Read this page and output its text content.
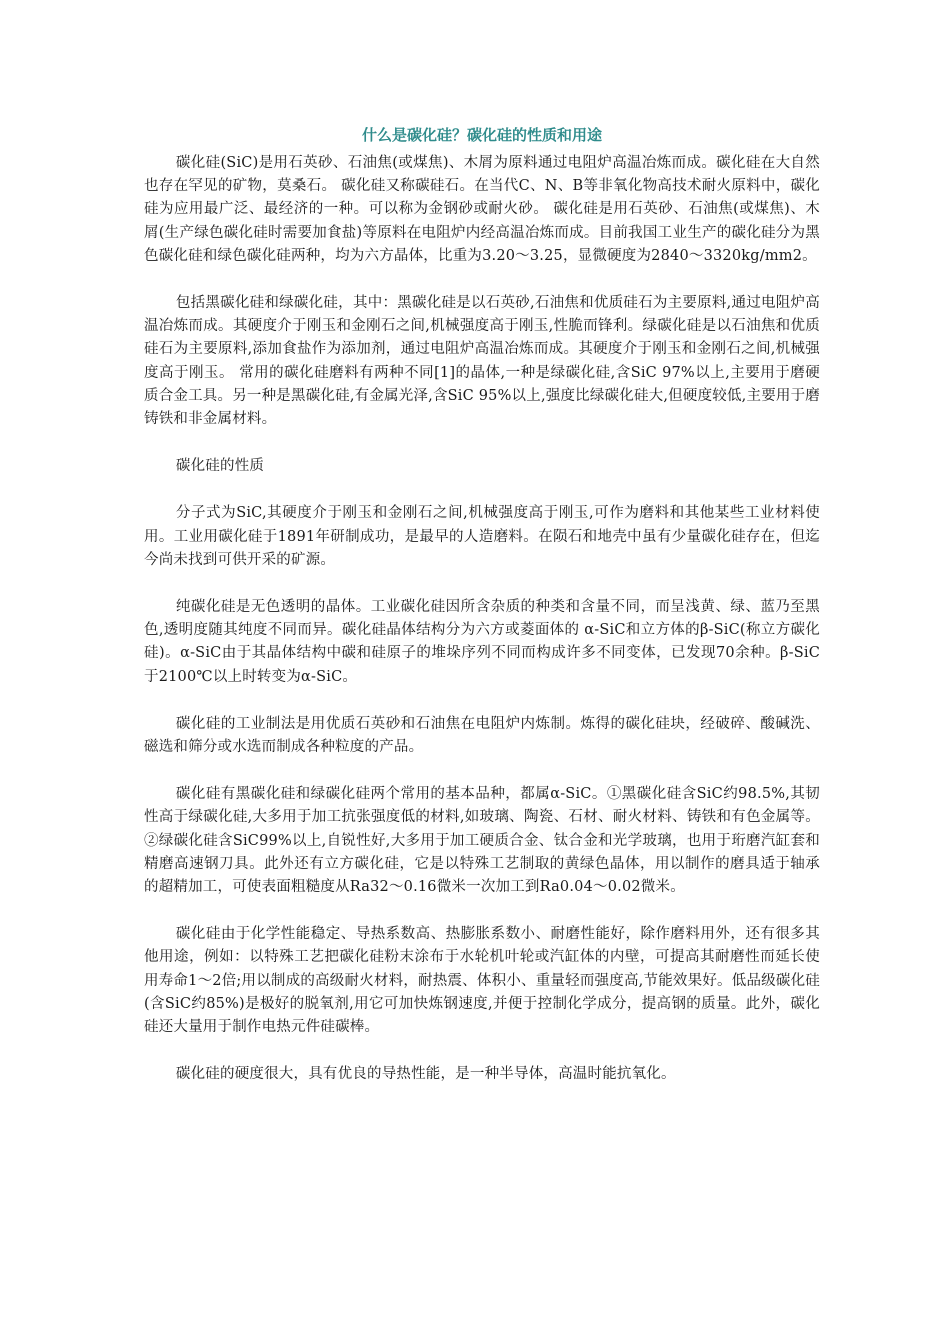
什么是碳化硅？碳化硅的性质和用途

碳化硅(SiC)是用石英砂、石油焦(或煤焦)、木屑为原料通过电阻炉高温冶炼而成。碳化硅在大自然也存在罕见的矿物，莫桑石。 碳化硅又称碳硅石。在当代C、N、B等非氧化物高技术耐火原料中，碳化硅为应用最广泛、最经济的一种。可以称为金钢砂或耐火砂。 碳化硅是用石英砂、石油焦(或煤焦)、木屑(生产绿色碳化硅时需要加食盐)等原料在电阻炉内经高温冶炼而成。目前我国工业生产的碳化硅分为黑色碳化硅和绿色碳化硅两种，均为六方晶体，比重为3.20～3.25，显微硬度为2840～3320kg/mm2。

包括黑碳化硅和绿碳化硅，其中：黑碳化硅是以石英砂,石油焦和优质硅石为主要原料,通过电阻炉高温冶炼而成。其硬度介于刚玉和金刚石之间,机械强度高于刚玉,性脆而锋利。绿碳化硅是以石油焦和优质硅石为主要原料,添加食盐作为添加剂，通过电阻炉高温冶炼而成。其硬度介于刚玉和金刚石之间,机械强度高于刚玉。 常用的碳化硅磨料有两种不同[1]的晶体,一种是绿碳化硅,含SiC 97%以上,主要用于磨硬质合金工具。另一种是黑碳化硅,有金属光泽,含SiC 95%以上,强度比绿碳化硅大,但硬度较低,主要用于磨铸铁和非金属材料。

碳化硅的性质

分子式为SiC,其硬度介于刚玉和金刚石之间,机械强度高于刚玉,可作为磨料和其他某些工业材料使用。工业用碳化硅于1891年研制成功，是最早的人造磨料。在陨石和地壳中虽有少量碳化硅存在，但迄今尚未找到可供开采的矿源。

纯碳化硅是无色透明的晶体。工业碳化硅因所含杂质的种类和含量不同，而呈浅黄、绿、蓝乃至黑色,透明度随其纯度不同而异。碳化硅晶体结构分为六方或菱面体的 α-SiC和立方体的β-SiC(称立方碳化硅)。α-SiC由于其晶体结构中碳和硅原子的堆垛序列不同而构成许多不同变体，已发现70余种。β-SiC于2100℃以上时转变为α-SiC。

碳化硅的工业制法是用优质石英砂和石油焦在电阻炉内炼制。炼得的碳化硅块，经破碎、酸碱洗、磁选和筛分或水选而制成各种粒度的产品。

碳化硅有黑碳化硅和绿碳化硅两个常用的基本品种，都属α-SiC。①黑碳化硅含SiC约98.5%,其韧性高于绿碳化硅,大多用于加工抗张强度低的材料,如玻璃、陶瓷、石材、耐火材料、铸铁和有色金属等。②绿碳化硅含SiC99%以上,自锐性好,大多用于加工硬质合金、钛合金和光学玻璃，也用于珩磨汽缸套和精磨高速钢刀具。此外还有立方碳化硅，它是以特殊工艺制取的黄绿色晶体，用以制作的磨具适于轴承的超精加工，可使表面粗糙度从Ra32～0.16微米一次加工到Ra0.04～0.02微米。

碳化硅由于化学性能稳定、导热系数高、热膨胀系数小、耐磨性能好，除作磨料用外，还有很多其他用途，例如：以特殊工艺把碳化硅粉末涂布于水轮机叶轮或汽缸体的内壁，可提高其耐磨性而延长使用寿命1～2倍;用以制成的高级耐火材料，耐热震、体积小、重量轻而强度高,节能效果好。低品级碳化硅(含SiC约85%)是极好的脱氧剂,用它可加快炼钢速度,并便于控制化学成分，提高钢的质量。此外，碳化硅还大量用于制作电热元件硅碳棒。

碳化硅的硬度很大，具有优良的导热性能，是一种半导体，高温时能抗氧化。
